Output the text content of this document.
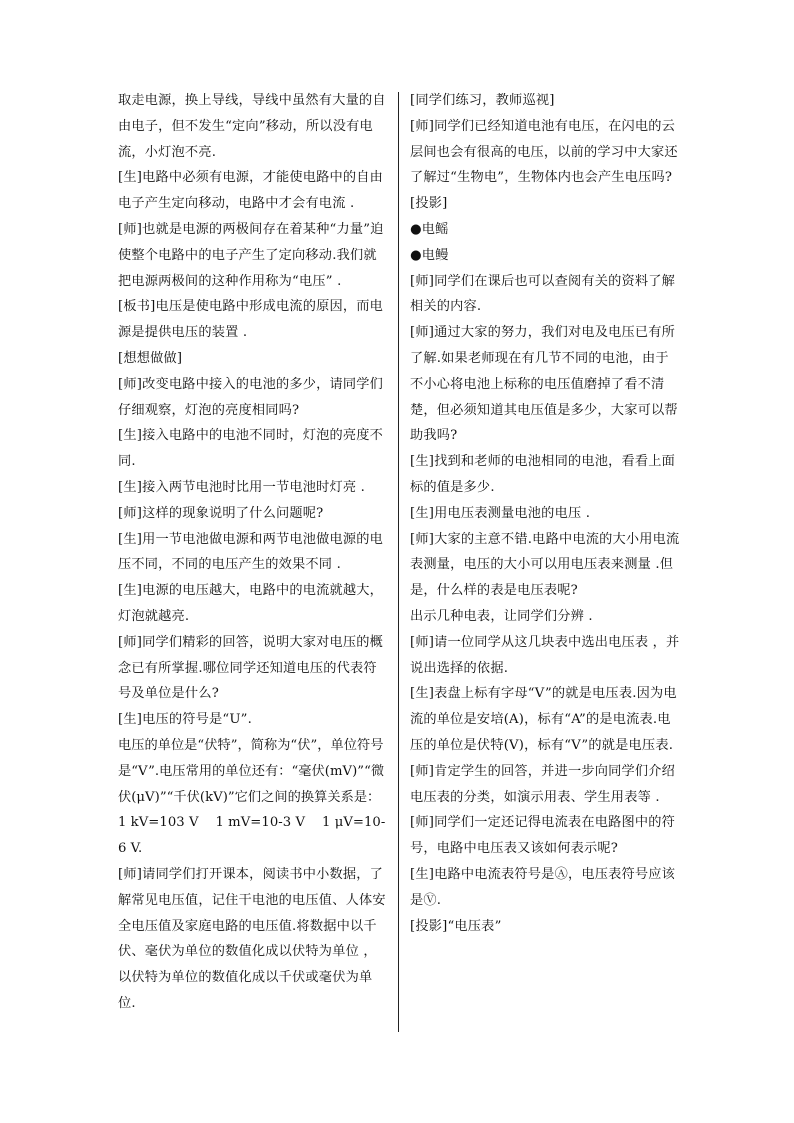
取走电源，换上导线，导线中虽然有大量的自由电子，但不发生“定向”移动，所以没有电流，小灯泡不亮.

[生]电路中必须有电源，才能使电路中的自由电子产生定向移动，电路中才会有电流 .

[师]也就是电源的两极间存在着某种“力量”迫使整个电路中的电子产生了定向移动.我们就把电源两极间的这种作用称为“电压” .

[板书]电压是使电路中形成电流的原因，而电源是提供电压的装置 .

[想想做做]

[师]改变电路中接入的电池的多少，请同学们仔细观察，灯泡的亮度相同吗?

[生]接入电路中的电池不同时，灯泡的亮度不同.

[生]接入两节电池时比用一节电池时灯亮 .

[师]这样的现象说明了什么问题呢?

[生]用一节电池做电源和两节电池做电源的电压不同，不同的电压产生的效果不同 .

[生]电源的电压越大，电路中的电流就越大，灯泡就越亮.

[师]同学们精彩的回答，说明大家对电压的概念已有所掌握.哪位同学还知道电压的代表符号及单位是什么?

[生]电压的符号是“U”.

电压的单位是“伏特”，简称为“伏”，单位符号是“V”.电压常用的单位还有：“毫伏(mV)”“微伏(μV)”“千伏(kV)”它们之间的换算关系是：1 kV=103 V    1 mV=10-3 V    1 μV=10-6 V.

[师]请同学们打开课本，阅读书中小数据，了解常见电压值，记住干电池的电压值、人体安全电压值及家庭电路的电压值.将数据中以千伏、毫伏为单位的数值化成以伏特为单位 ，以伏特为单位的数值化成以千伏或毫伏为单位.

[同学们练习，教师巡视]

[师]同学们已经知道电池有电压，在闪电的云层间也会有很高的电压，以前的学习中大家还了解过“生物电”，生物体内也会产生电压吗?

[投影]

●电鳐

●电鳗

[师]同学们在课后也可以查阅有关的资料了解相关的内容.

[师]通过大家的努力，我们对电及电压已有所了解.如果老师现在有几节不同的电池，由于不小心将电池上标称的电压值磨掉了看不清楚，但必须知道其电压值是多少，大家可以帮助我吗?

[生]找到和老师的电池相同的电池，看看上面标的值是多少.

[生]用电压表测量电池的电压 .

[师]大家的主意不错.电路中电流的大小用电流表测量，电压的大小可以用电压表来测量 .但是，什么样的表是电压表呢?

出示几种电表，让同学们分辨 .

[师]请一位同学从这几块表中选出电压表 ，并说出选择的依据.

[生]表盘上标有字母“V”的就是电压表.因为电流的单位是安培(A)，标有“A”的是电流表.电压的单位是伏特(V)，标有“V”的就是电压表.

[师]肯定学生的回答，并进一步向同学们介绍电压表的分类，如演示用表、学生用表等 .

[师]同学们一定还记得电流表在电路图中的符号，电路中电压表又该如何表示呢?

[生]电路中电流表符号是Ⓐ，电压表符号应该是Ⓥ.

[投影]“电压表”
